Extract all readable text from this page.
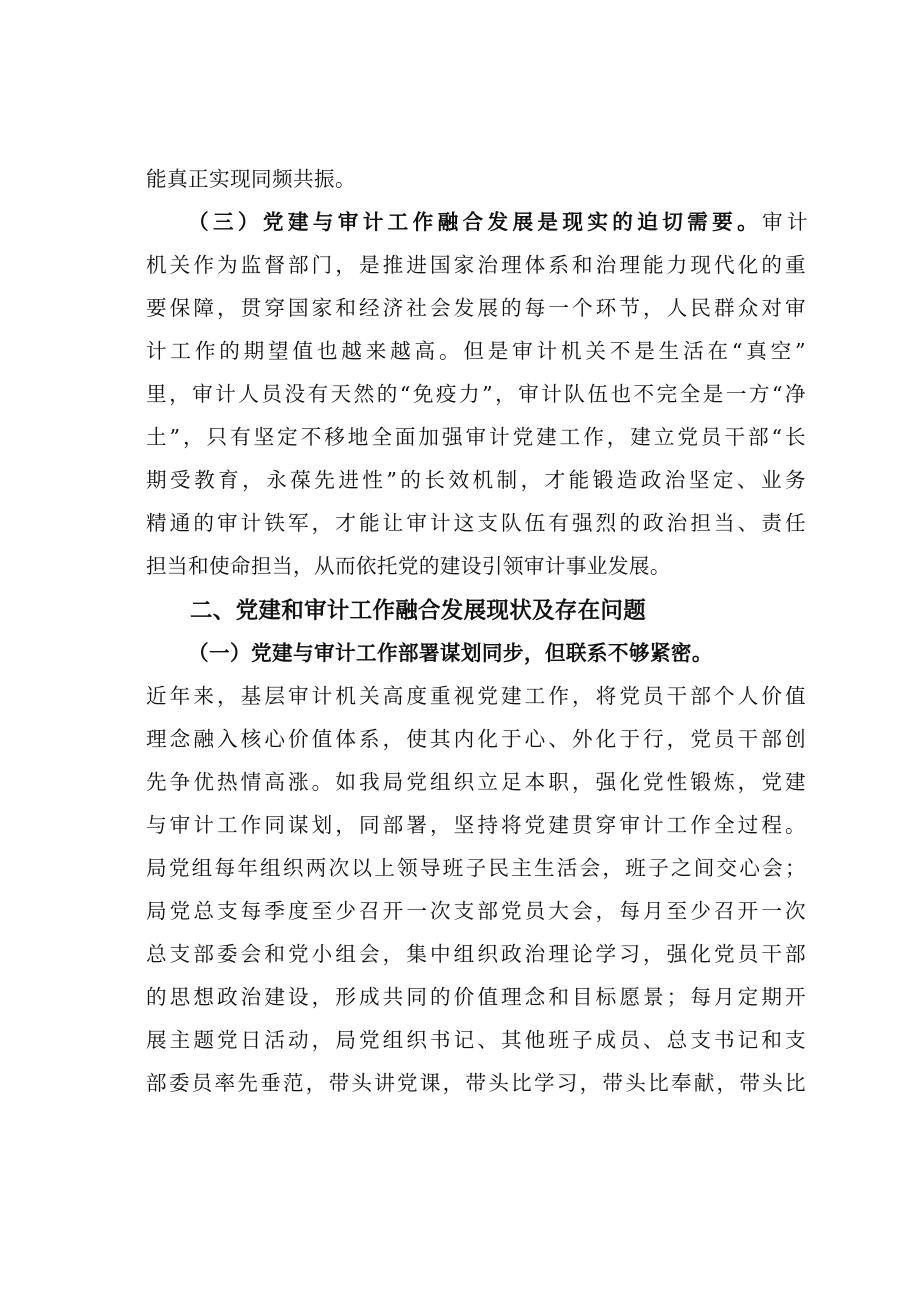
能真正实现同频共振。
（三）党建与审计工作融合发展是现实的迫切需要。审计
机关作为监督部门，是推进国家治理体系和治理能力现代化的重
要保障，贯穿国家和经济社会发展的每一个环节，人民群众对审
计工作的期望值也越来越高。但是审计机关不是生活在“真空”
里，审计人员没有天然的“免疫力”，审计队伍也不完全是一方“净
土”，只有坚定不移地全面加强审计党建工作，建立党员干部“长
期受教育，永葆先进性”的长效机制，才能锻造政治坚定、业务
精通的审计铁军，才能让审计这支队伍有强烈的政治担当、责任
担当和使命担当，从而依托党的建设引领审计事业发展。
二、党建和审计工作融合发展现状及存在问题
（一）党建与审计工作部署谋划同步，但联系不够紧密。
近年来，基层审计机关高度重视党建工作，将党员干部个人价值
理念融入核心价值体系，使其内化于心、外化于行，党员干部创
先争优热情高涨。如我局党组织立足本职，强化党性锻炼，党建
与审计工作同谋划，同部署，坚持将党建贯穿审计工作全过程。
局党组每年组织两次以上领导班子民主生活会，班子之间交心会；
局党总支每季度至少召开一次支部党员大会，每月至少召开一次
总支部委会和党小组会，集中组织政治理论学习，强化党员干部
的思想政治建设，形成共同的价值理念和目标愿景；每月定期开
展主题党日活动，局党组织书记、其他班子成员、总支书记和支
部委员率先垂范，带头讲党课，带头比学习，带头比奉献，带头比
